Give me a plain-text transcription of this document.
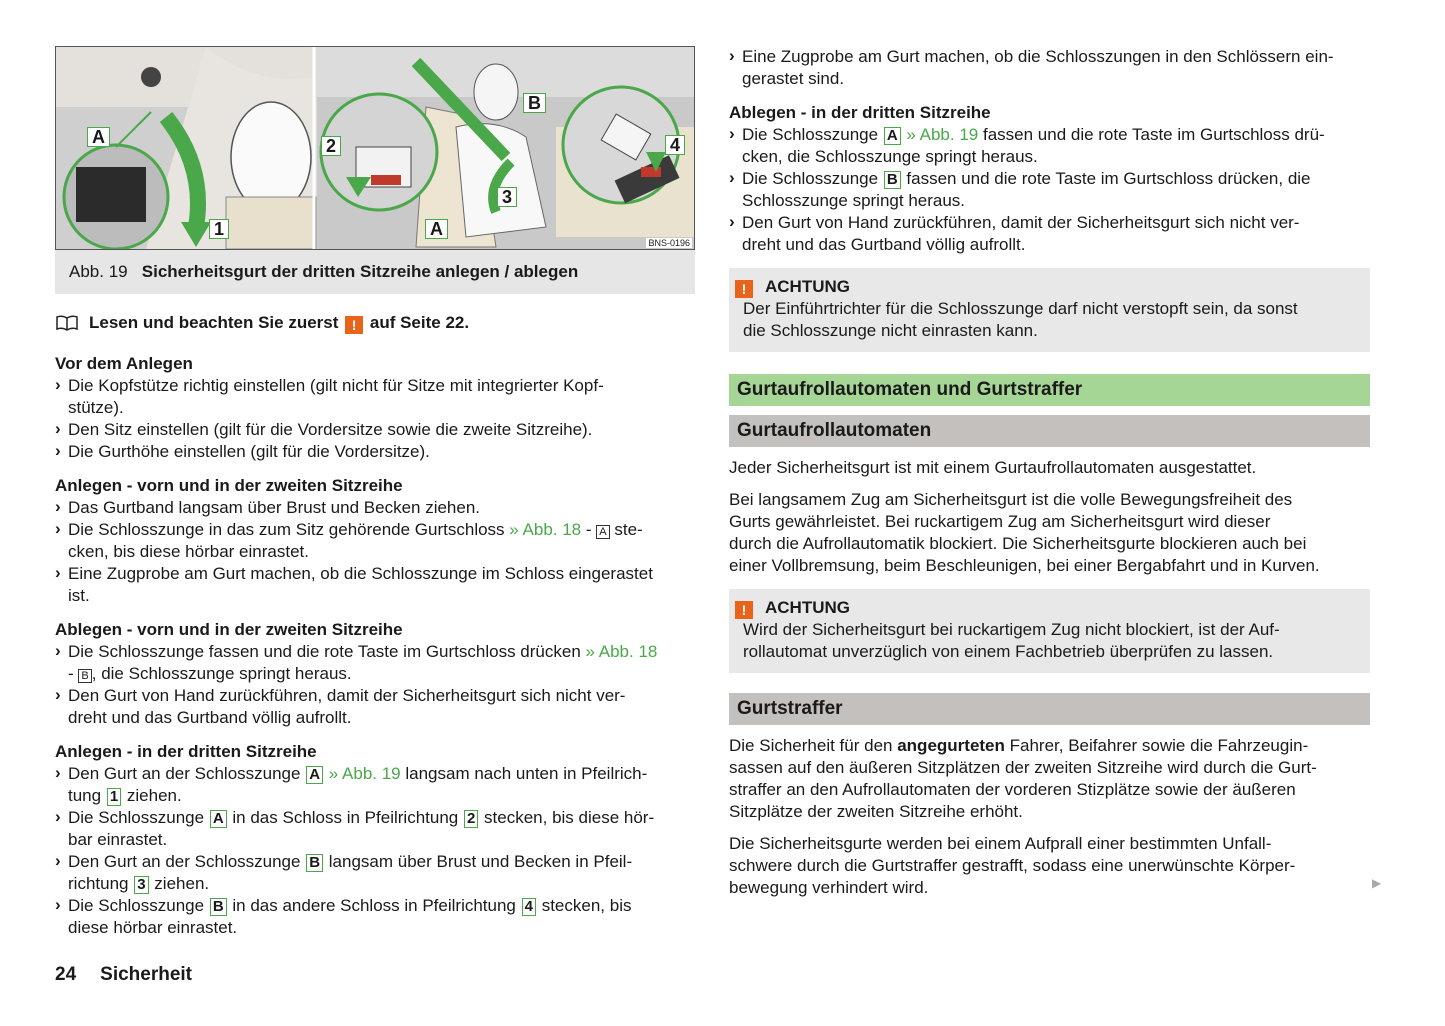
A
1
2
3
4
A
B
BNS-0196
Abb. 19 Sicherheitsgurt der dritten Sitzreihe anlegen / ablegen
Lesen und beachten Sie zuerst ! auf Seite 22.
Vor dem Anlegen
› Die Kopfstütze richtig einstellen (gilt nicht für Sitze mit integrierter Kopf-
stütze).
› Den Sitz einstellen (gilt für die Vordersitze sowie die zweite Sitzreihe).
› Die Gurthöhe einstellen (gilt für die Vordersitze).
Anlegen - vorn und in der zweiten Sitzreihe
› Das Gurtband langsam über Brust und Becken ziehen.
› Die Schlosszunge in das zum Sitz gehörende Gurtschloss » Abb. 18 - A ste-
cken, bis diese hörbar einrastet.
› Eine Zugprobe am Gurt machen, ob die Schlosszunge im Schloss eingerastet
ist.
Ablegen - vorn und in der zweiten Sitzreihe
› Die Schlosszunge fassen und die rote Taste im Gurtschloss drücken » Abb. 18
- B , die Schlosszunge springt heraus.
› Den Gurt von Hand zurückführen, damit der Sicherheitsgurt sich nicht ver-
dreht und das Gurtband völlig aufrollt.
Anlegen - in der dritten Sitzreihe
› Den Gurt an der Schlosszunge A » Abb. 19 langsam nach unten in Pfeilrich-
tung 1 ziehen.
› Die Schlosszunge A in das Schloss in Pfeilrichtung 2 stecken, bis diese hör-
bar einrastet.
› Den Gurt an der Schlosszunge B langsam über Brust und Becken in Pfeil-
richtung 3 ziehen.
› Die Schlosszunge B in das andere Schloss in Pfeilrichtung 4 stecken, bis
diese hörbar einrastet.
› Eine Zugprobe am Gurt machen, ob die Schlosszungen in den Schlössern ein-
gerastet sind.
Ablegen - in der dritten Sitzreihe
› Die Schlosszunge A » Abb. 19 fassen und die rote Taste im Gurtschloss drü-
cken, die Schlosszunge springt heraus.
› Die Schlosszunge B fassen und die rote Taste im Gurtschloss drücken, die
Schlosszunge springt heraus.
› Den Gurt von Hand zurückführen, damit der Sicherheitsgurt sich nicht ver-
dreht und das Gurtband völlig aufrollt.
! ACHTUNG

Der Einführtrichter für die Schlosszunge darf nicht verstopft sein, da sonst

die Schlosszunge nicht einrasten kann.

Gurtaufrollautomaten und Gurtstraffer
Gurtaufrollautomaten

Jeder Sicherheitsgurt ist mit einem Gurtaufrollautomaten ausgestattet.

Bei langsamem Zug am Sicherheitsgurt ist die volle Bewegungsfreiheit des

Gurts gewährleistet. Bei ruckartigem Zug am Sicherheitsgurt wird dieser

durch die Aufrollautomatik blockiert. Die Sicherheitsgurte blockieren auch bei

einer Vollbremsung, beim Beschleunigen, bei einer Bergabfahrt und in Kurven.

! ACHTUNG

Wird der Sicherheitsgurt bei ruckartigem Zug nicht blockiert, ist der Auf-

rollautomat unverzüglich von einem Fachbetrieb überprüfen zu lassen.

Gurtstraffer

Die Sicherheit für den angegurteten Fahrer, Beifahrer sowie die Fahrzeugin-

sassen auf den äußeren Sitzplätzen der zweiten Sitzreihe wird durch die Gurt-

straffer an den Aufrollautomaten der vorderen Stizplätze sowie der äußeren

Sitzplätze der zweiten Sitzreihe erhöht.

Die Sicherheitsgurte werden bei einem Aufprall einer bestimmten Unfall-

schwere durch die Gurtstraffer gestrafft, sodass eine unerwünschte Körper-

bewegung verhindert wird.	▶
24 Sicherheit
